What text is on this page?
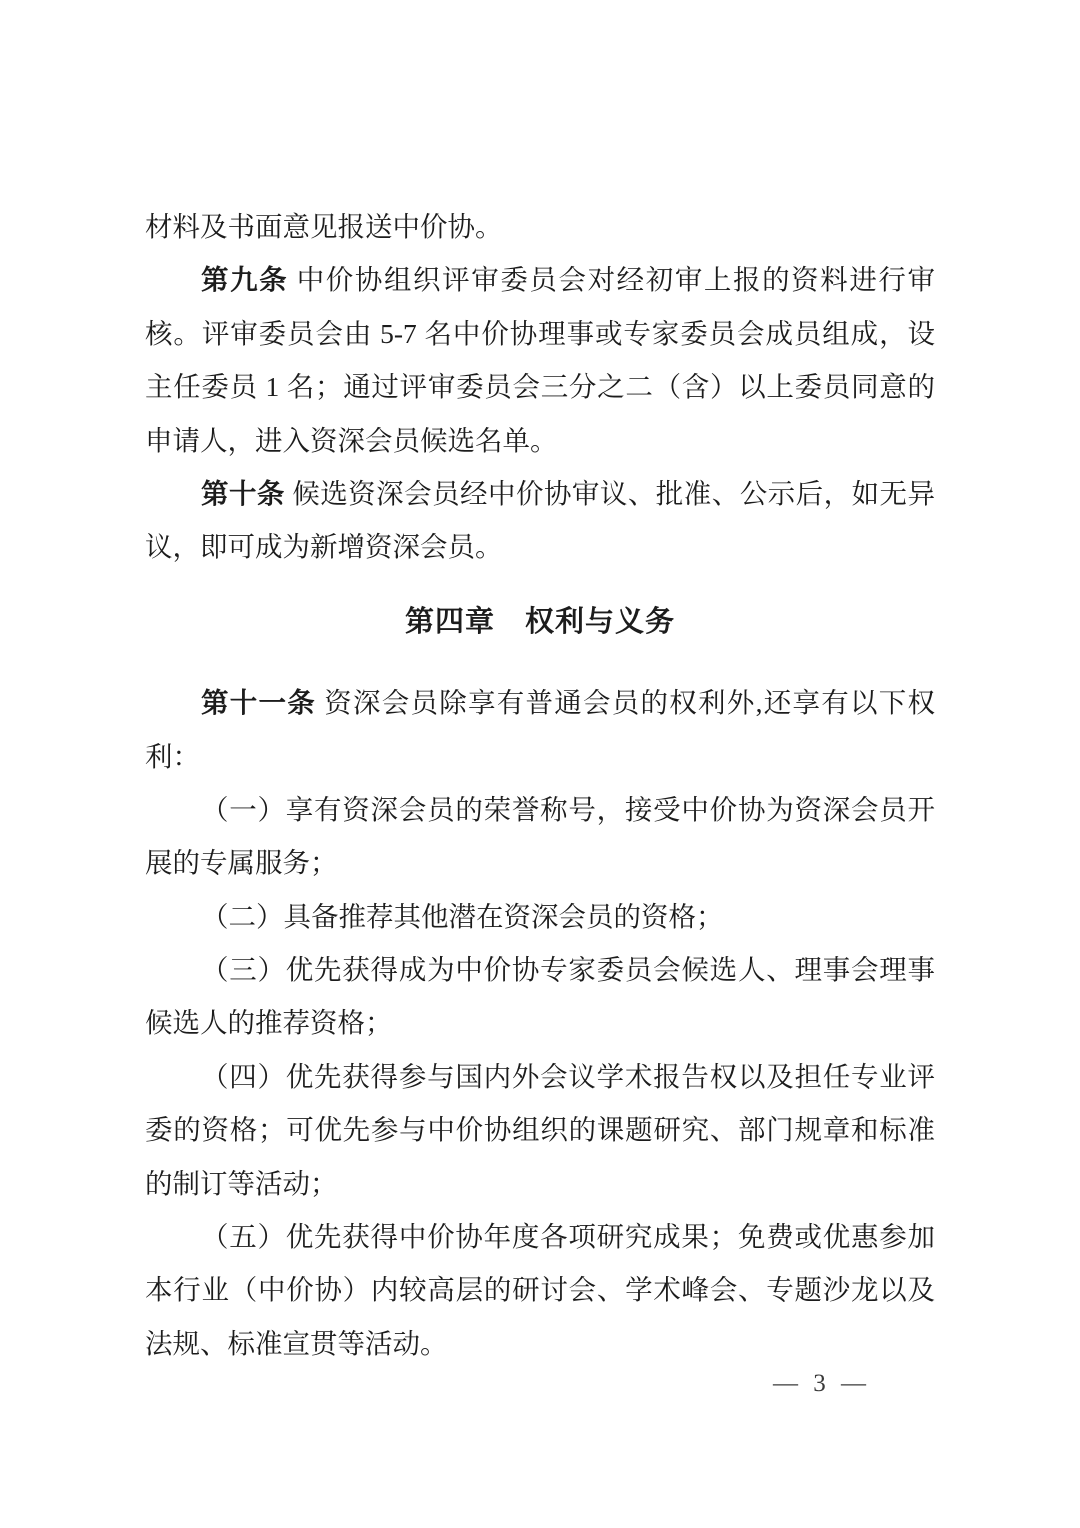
材料及书面意见报送中价协。
第九条 中价协组织评审委员会对经初审上报的资料进行审
核。评审委员会由 5-7 名中价协理事或专家委员会成员组成，设
主任委员 1 名；通过评审委员会三分之二（含）以上委员同意的
申请人，进入资深会员候选名单。
第十条 候选资深会员经中价协审议、批准、公示后，如无异
议，即可成为新增资深会员。
第四章　权利与义务
第十一条 资深会员除享有普通会员的权利外,还享有以下权
利：
（一）享有资深会员的荣誉称号，接受中价协为资深会员开
展的专属服务；
（二）具备推荐其他潜在资深会员的资格；
（三）优先获得成为中价协专家委员会候选人、理事会理事
候选人的推荐资格；
（四）优先获得参与国内外会议学术报告权以及担任专业评
委的资格；可优先参与中价协组织的课题研究、部门规章和标准
的制订等活动；
（五）优先获得中价协年度各项研究成果；免费或优惠参加
本行业（中价协）内较高层的研讨会、学术峰会、专题沙龙以及
法规、标准宣贯等活动。
— 3 —
